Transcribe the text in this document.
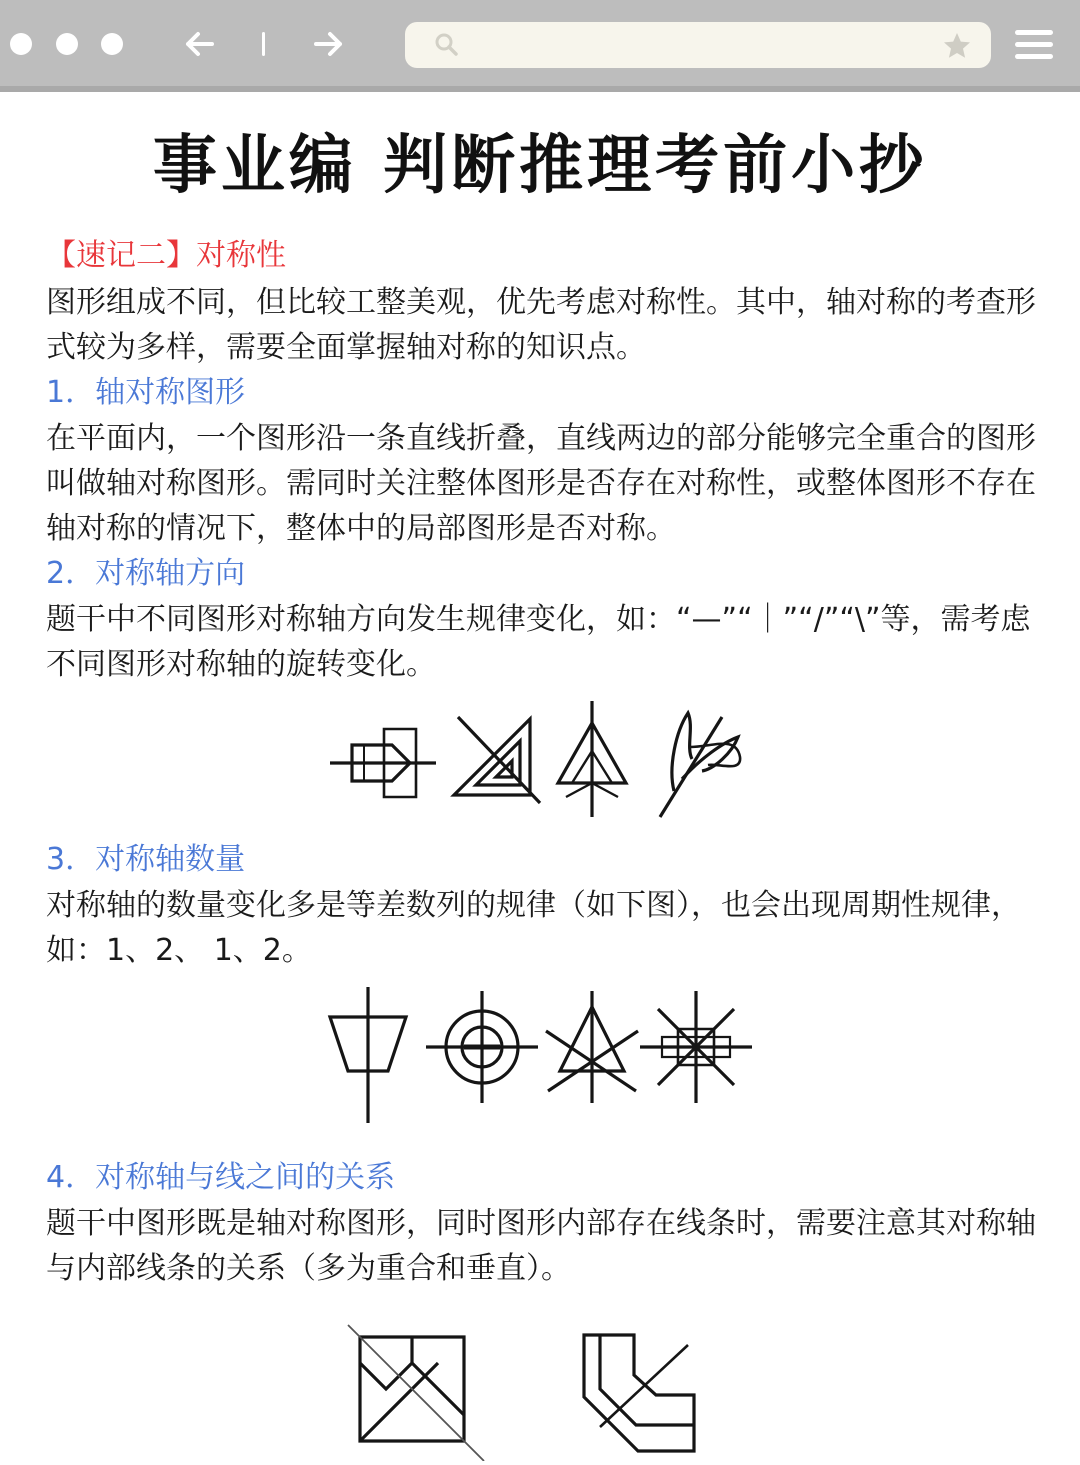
事业编 判断推理考前小抄
【速记二】对称性

图形组成不同，但比较工整美观，优先考虑对称性。其中，轴对称的考查形式较为多样，需要全面掌握轴对称的知识点。

1．轴对称图形

在平面内，一个图形沿一条直线折叠，直线两边的部分能够完全重合的图形叫做轴对称图形。需同时关注整体图形是否存在对称性，或整体图形不存在轴对称的情况下，整体中的局部图形是否对称。

2．对称轴方向

题干中不同图形对称轴方向发生规律变化，如：“—”“｜”“/”“\”等，需考虑不同图形对称轴的旋转变化。

3．对称轴数量

对称轴的数量变化多是等差数列的规律（如下图），也会出现周期性规律，如：1、2、 1、2。

4．对称轴与线之间的关系

题干中图形既是轴对称图形，同时图形内部存在线条时，需要注意其对称轴与内部线条的关系（多为重合和垂直）。
